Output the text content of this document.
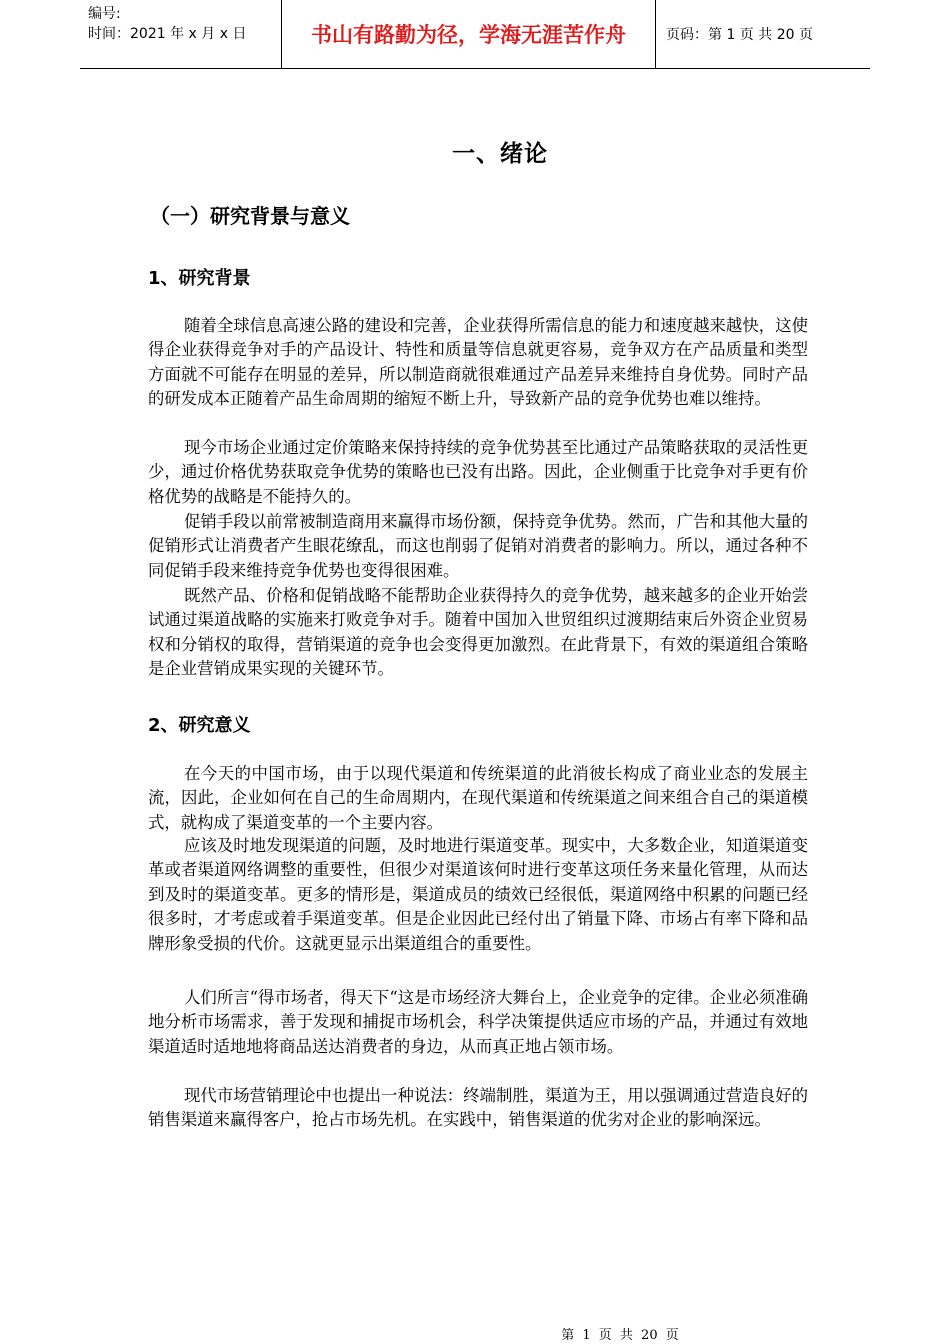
编号:
时间：2021 年 x 月 x 日	书山有路勤为径，学海无涯苦作舟	页码：第 1 页 共 20 页
一、绪论
（一）研究背景与意义
1、研究背景

随着全球信息高速公路的建设和完善，企业获得所需信息的能力和速度越来越快，这使得企业获得竞争对手的产品设计、特性和质量等信息就更容易，竞争双方在产品质量和类型方面就不可能存在明显的差异，所以制造商就很难通过产品差异来维持自身优势。同时产品的研发成本正随着产品生命周期的缩短不断上升，导致新产品的竞争优势也难以维持。

现今市场企业通过定价策略来保持持续的竞争优势甚至比通过产品策略获取的灵活性更少，通过价格优势获取竞争优势的策略也已没有出路。因此，企业侧重于比竞争对手更有价格优势的战略是不能持久的。

促销手段以前常被制造商用来赢得市场份额，保持竞争优势。然而，广告和其他大量的促销形式让消费者产生眼花缭乱，而这也削弱了促销对消费者的影响力。所以，通过各种不同促销手段来维持竞争优势也变得很困难。

既然产品、价格和促销战略不能帮助企业获得持久的竞争优势，越来越多的企业开始尝试通过渠道战略的实施来打败竞争对手。随着中国加入世贸组织过渡期结束后外资企业贸易权和分销权的取得，营销渠道的竞争也会变得更加激烈。在此背景下，有效的渠道组合策略是企业营销成果实现的关键环节。

2、研究意义

在今天的中国市场，由于以现代渠道和传统渠道的此消彼长构成了商业业态的发展主流，因此，企业如何在自己的生命周期内，在现代渠道和传统渠道之间来组合自己的渠道模式，就构成了渠道变革的一个主要内容。

应该及时地发现渠道的问题，及时地进行渠道变革。现实中，大多数企业，知道渠道变革或者渠道网络调整的重要性，但很少对渠道该何时进行变革这项任务来量化管理，从而达到及时的渠道变革。更多的情形是，渠道成员的绩效已经很低，渠道网络中积累的问题已经很多时，才考虑或着手渠道变革。但是企业因此已经付出了销量下降、市场占有率下降和品牌形象受损的代价。这就更显示出渠道组合的重要性。

人们所言“得市场者，得天下“这是市场经济大舞台上，企业竞争的定律。企业必须准确地分析市场需求，善于发现和捕捉市场机会，科学决策提供适应市场的产品，并通过有效地渠道适时适地地将商品送达消费者的身边，从而真正地占领市场。

现代市场营销理论中也提出一种说法：终端制胜，渠道为王，用以强调通过营造良好的销售渠道来赢得客户，抢占市场先机。在实践中，销售渠道的优劣对企业的影响深远。

第 1 页 共 20 页
